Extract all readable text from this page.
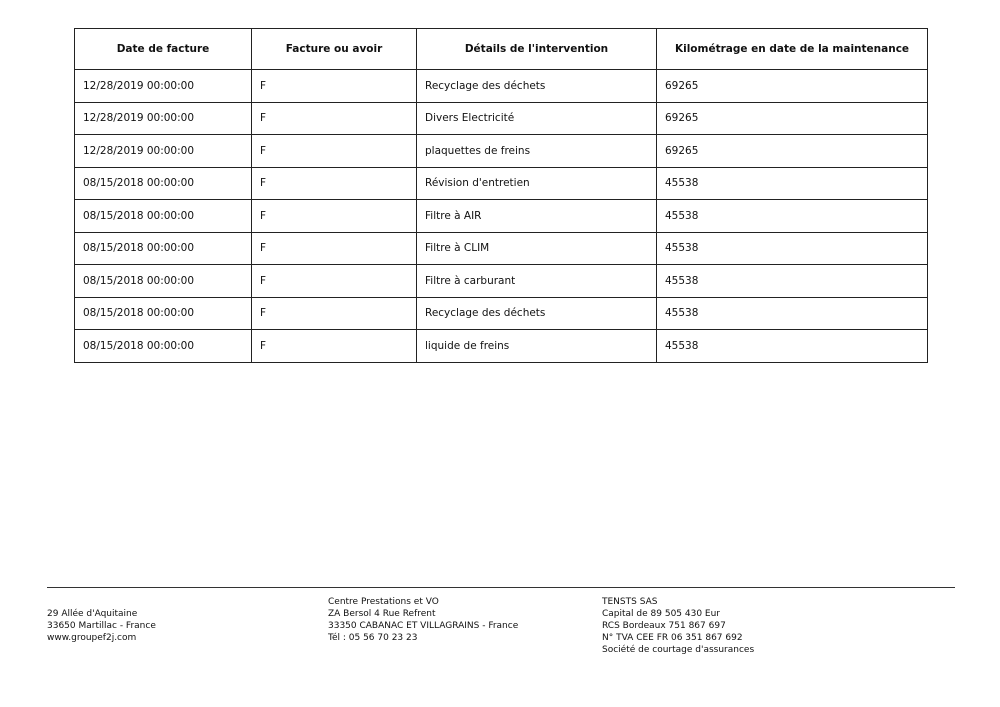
Date de facture	Facture ou avoir	Détails de l'intervention	Kilométrage en date de la maintenance
12/28/2019 00:00:00	F	Recyclage des déchets	69265
12/28/2019 00:00:00	F	Divers Electricité	69265
12/28/2019 00:00:00	F	plaquettes de freins	69265
08/15/2018 00:00:00	F	Révision d'entretien	45538
08/15/2018 00:00:00	F	Filtre à AIR	45538
08/15/2018 00:00:00	F	Filtre à CLIM	45538
08/15/2018 00:00:00	F	Filtre à carburant	45538
08/15/2018 00:00:00	F	Recyclage des déchets	45538
08/15/2018 00:00:00	F	liquide de freins	45538
29 Allée d'Aquitaine
33650 Martillac - France
www.groupef2j.com
Centre Prestations et VO
ZA Bersol 4 Rue Refrent
33350 CABANAC ET VILLAGRAINS - France
Tél : 05 56 70 23 23
TENSTS SAS
Capital de 89 505 430 Eur
RCS Bordeaux 751 867 697
N° TVA CEE FR 06 351 867 692
Société de courtage d'assurances
